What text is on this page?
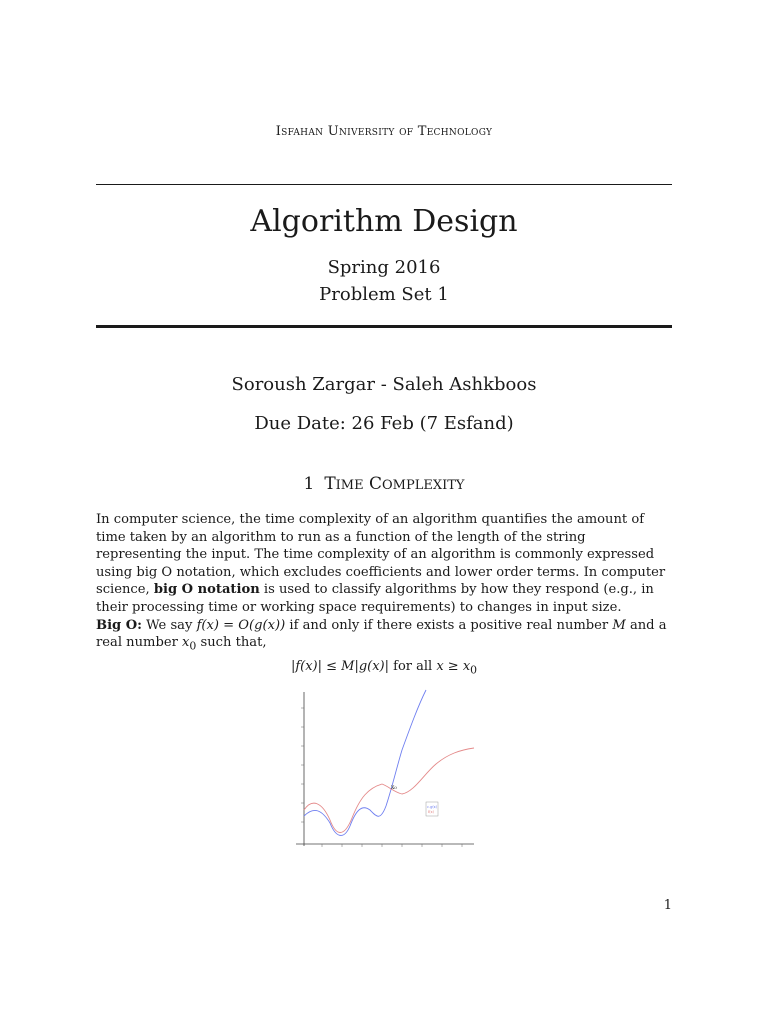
Isfahan University of Technology
Algorithm Design
Spring 2016
Problem Set 1
Soroush Zargar - Saleh Ashkboos
Due Date: 26 Feb (7 Esfand)
1 TIME COMPLEXITY

In computer science, the time complexity of an algorithm quantifies the amount of time taken by an algorithm to run as a function of the length of the string representing the input. The time complexity of an algorithm is commonly expressed using big O notation, which excludes coefficients and lower order terms. In computer science, big O notation is used to classify algorithms by how they respond (e.g., in their processing time or working space requirements) to changes in input size.

Big O: We say f(x) = O(g(x)) if and only if there exists a positive real number M and a real number $x_0$ such that,

|f(x)| ≤ M|g(x)| for all $x \ge x_0$
x₀
c.g(x)
f(x)
1
